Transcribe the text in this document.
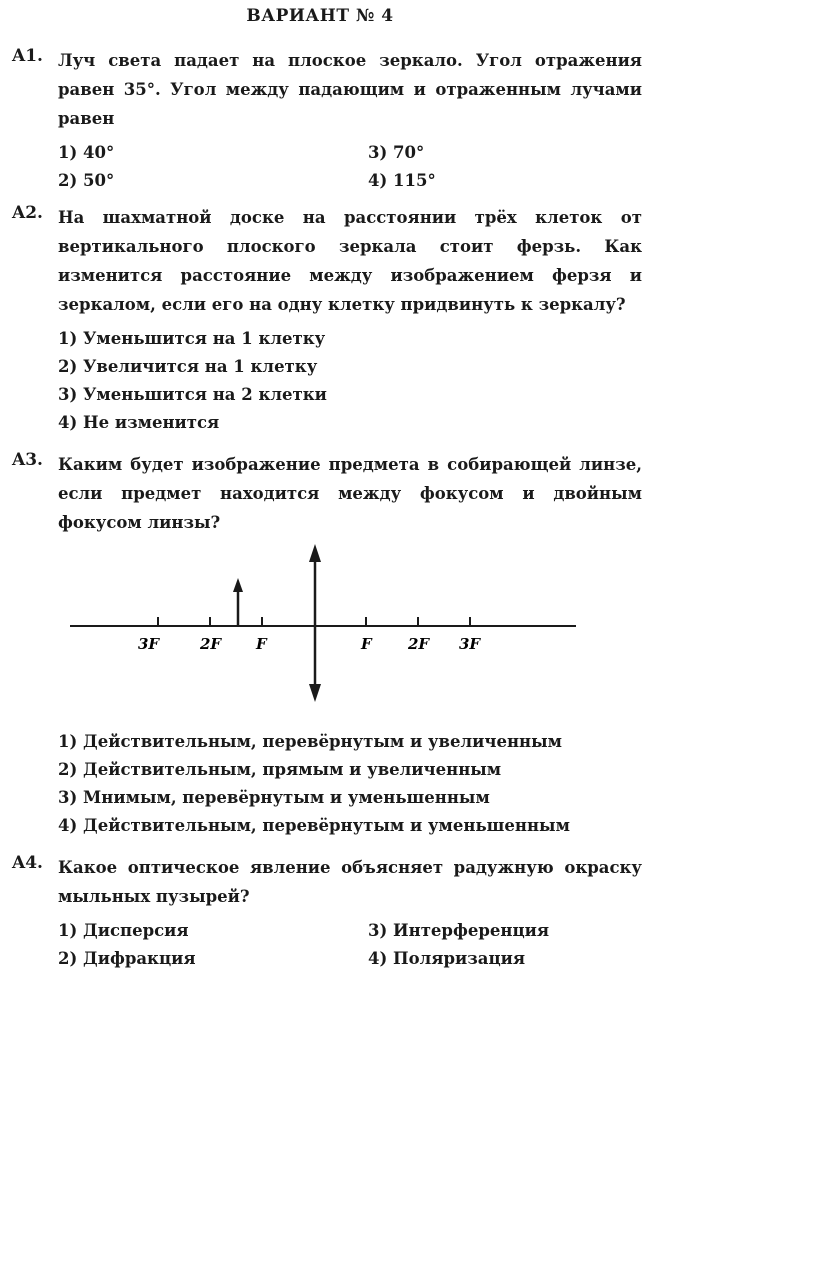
ВАРИАНТ № 4
A1. Луч света падает на плоское зеркало. Угол отражения равен 35°. Угол между падающим и отраженным лучами равен
1) 40°	3) 70°
2) 50°	4) 115°
A2. На шахматной доске на расстоянии трёх клеток от вертикального плоского зеркала стоит ферзь. Как изменится расстояние между изображением ферзя и зеркалом, если его на одну клетку придвинуть к зеркалу?
1) Уменьшится на 1 клетку
2) Увеличится на 1 клетку
3) Уменьшится на 2 клетки
4) Не изменится
A3. Каким будет изображение предмета в собирающей линзе, если предмет находится между фокусом и двойным фокусом линзы?
3F	2F F	F 2F 3F
1) Действительным, перевёрнутым и увеличенным
2) Действительным, прямым и увеличенным
3) Мнимым, перевёрнутым и уменьшенным
4) Действительным, перевёрнутым и уменьшенным
A4. Какое оптическое явление объясняет радужную окраску мыльных пузырей?
1) Дисперсия	3) Интерференция
2) Дифракция	4) Поляризация
